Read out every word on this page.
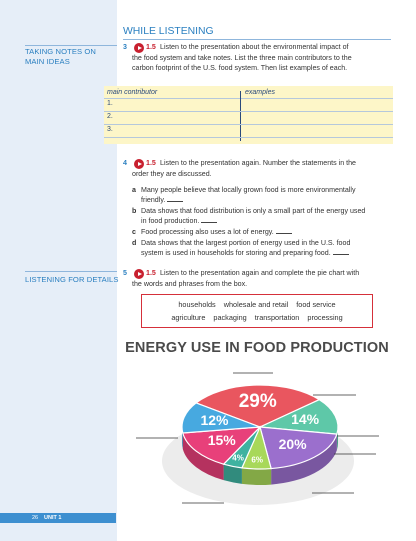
TAKING NOTES ON
MAIN IDEAS
LISTENING FOR DETAILS
26 UNIT 1
WHILE LISTENING
3	1.5 Listen to the presentation about the environmental impact of
the food system and take notes. List the three main contributors to the
carbon footprint of the U.S. food system. Then list examples of each.
main contributor	examples
1.
2.
3.
4	1.5 Listen to the presentation again. Number the statements in the
order they are discussed.
a Many people believe that locally grown food is more environmentally
friendly.
b Data shows that food distribution is only a small part of the energy used
in food production.
c Food processing also uses a lot of energy.
d Data shows that the largest portion of energy used in the U.S. food
system is used in households for storing and preparing food.
5	1.5 Listen to the presentation again and complete the pie chart with
the words and phrases from the box.
households wholesale and retail food service
agriculture packaging transportation processing
ENERGY USE IN FOOD PRODUCTION
29%
14%
20%
6%
4%
15%
12%
